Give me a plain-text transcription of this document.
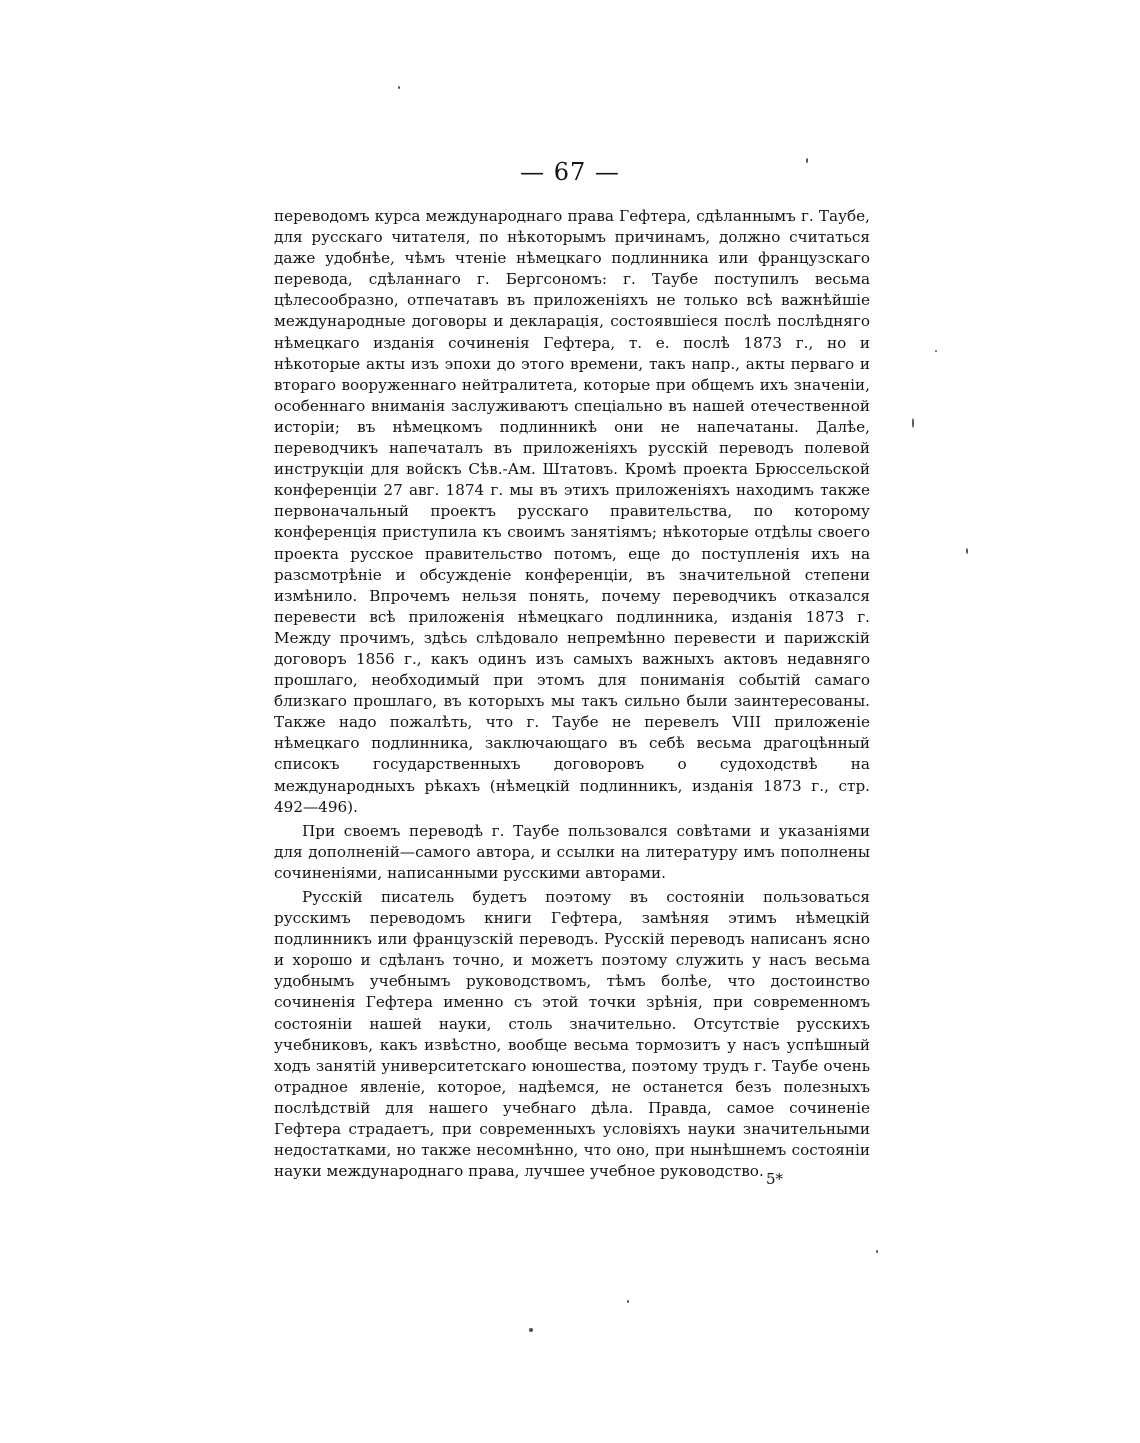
— 67 —

переводомъ курса международнаго права Гефтера, сдѣланнымъ г. Таубе, для русскаго читателя, по нѣкоторымъ причинамъ, должно считаться даже удобнѣе, чѣмъ чтеніе нѣмецкаго подлинника или французскаго перевода, сдѣланнаго г. Бергсономъ: г. Таубе поступилъ весьма цѣлесообразно, отпечатавъ въ приложеніяхъ не только всѣ важнѣйшіе международные договоры и декларація, состоявшіеся послѣ послѣдняго нѣмецкаго изданія сочиненія Гефтера, т. е. послѣ 1873 г., но и нѣкоторые акты изъ эпохи до этого времени, такъ напр., акты перваго и втораго вооруженнаго нейтралитета, которые при общемъ ихъ значеніи, особеннаго вниманія заслуживаютъ спеціально въ нашей отечественной исторіи; въ нѣмецкомъ подлинникѣ они не напечатаны. Далѣе, переводчикъ напечаталъ въ приложеніяхъ русскій переводъ полевой инструкціи для войскъ Сѣв.-Ам. Штатовъ. Кромѣ проекта Брюссельской конференціи 27 авг. 1874 г. мы въ этихъ приложеніяхъ находимъ также первоначальный проектъ русскаго правительства, по которому конференція приступила къ своимъ занятіямъ; нѣкоторые отдѣлы своего проекта русское правительство потомъ, еще до поступленія ихъ на разсмотрѣніе и обсужденіе конференціи, въ значительной степени измѣнило. Впрочемъ нельзя понять, почему переводчикъ отказался перевести всѣ приложенія нѣмецкаго подлинника, изданія 1873 г. Между прочимъ, здѣсь слѣдовало непремѣнно перевести и парижскій договоръ 1856 г., какъ одинъ изъ самыхъ важныхъ актовъ недавняго прошлаго, необходимый при этомъ для пониманія событій самаго близкаго прошлаго, въ которыхъ мы такъ сильно были заинтересованы. Также надо пожалѣть, что г. Таубе не перевелъ VIII приложеніе нѣмецкаго подлинника, заключающаго въ себѣ весьма драгоцѣнный списокъ государственныхъ договоровъ о судоходствѣ на международныхъ рѣкахъ (нѣмецкій подлинникъ, изданія 1873 г., стр. 492—496).

При своемъ переводѣ г. Таубе пользовался совѣтами и указаніями для дополненій—самого автора, и ссылки на литературу имъ пополнены сочиненіями, написанными русскими авторами.

Русскій писатель будетъ поэтому въ состояніи пользоваться русскимъ переводомъ книги Гефтера, замѣняя этимъ нѣмецкій подлинникъ или французскій переводъ. Русскій переводъ написанъ ясно и хорошо и сдѣланъ точно, и можетъ поэтому служить у насъ весьма удобнымъ учебнымъ руководствомъ, тѣмъ болѣе, что достоинство сочиненія Гефтера именно съ этой точки зрѣнія, при современномъ состояніи нашей науки, столь значительно. Отсутствіе русскихъ учебниковъ, какъ извѣстно, вообще весьма тормозитъ у насъ успѣшный ходъ занятій университетскаго юношества, поэтому трудъ г. Таубе очень отрадное явленіе, которое, надѣемся, не останется безъ полезныхъ послѣдствій для нашего учебнаго дѣла. Правда, самое сочиненіе Гефтера страдаетъ, при современныхъ условіяхъ науки значительными недостатками, но также несомнѣнно, что оно, при нынѣшнемъ состояніи науки международнаго права, лучшее учебное руководство. 5*
